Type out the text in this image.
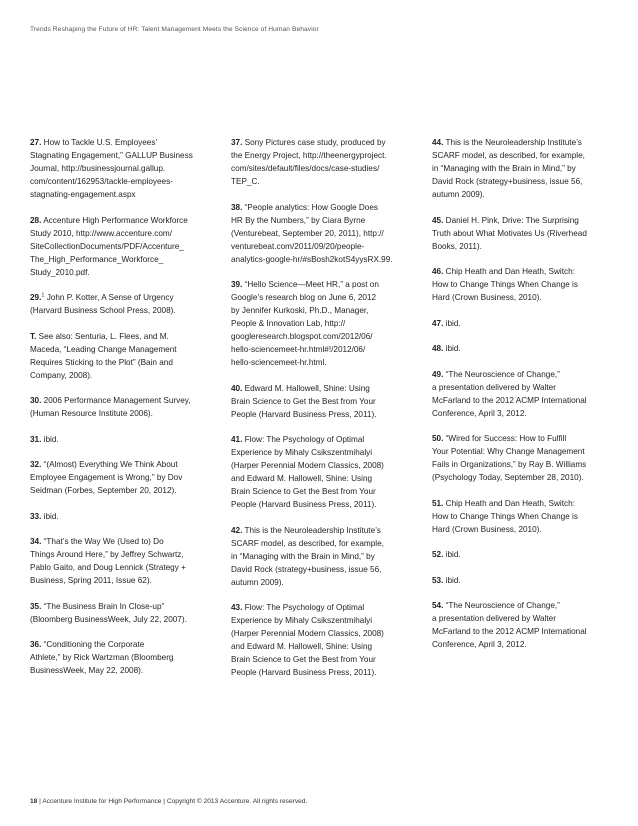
Trends Reshaping the Future of HR: Talent Management Meets the Science of Human Behavior
27. How to Tackle U.S. Employees’
Stagnating Engagement,” GALLUP Business
Journal, http://businessjournal.gallup.
com/content/162953/tackle-employees-
stagnating-engagement.aspx
28. Accenture High Performance Workforce
Study 2010, http://www.accenture.com/
SiteCollectionDocuments/PDF/Accenture_
The_High_Performance_Workforce_
Study_2010.pdf.
29.$^1$ John P. Kotter, A Sense of Urgency
(Harvard Business School Press, 2008).
T. See also: Senturia, L. Flees, and M.
Maceda, “Leading Change Management
Requires Sticking to the Plot” (Bain and
Company, 2008).
30. 2006 Performance Management Survey,
(Human Resource Institute 2006).
31. ibid.
32. “(Almost) Everything We Think About
Employee Engagement is Wrong,” by Dov
Seidman (Forbes, September 20, 2012).
33. ibid.
34. “That’s the Way We (Used to) Do
Things Around Here,” by Jeffrey Schwartz,
Pablo Gaito, and Doug Lennick (Strategy +
Business, Spring 2011, Issue 62).
35. “The Business Brain In Close-up”
(Bloomberg BusinessWeek, July 22, 2007).
36. “Conditioning the Corporate
Athlete,” by Rick Wartzman (Bloomberg
BusinessWeek, May 22, 2008).
37. Sony Pictures case study, produced by
the Energy Project, http://theenergyproject.
com/sites/default/files/docs/case-studies/
TEP_C.
38. “People analytics: How Google Does
HR By the Numbers,” by Ciara Byrne
(Venturebeat, September 20, 2011), http://
venturebeat.com/2011/09/20/people-
analytics-google-hr/#sBosh2kotS4yysRX.99.
39. “Hello Science—Meet HR,” a post on
Google’s research blog on June 6, 2012
by Jennifer Kurkoski, Ph.D., Manager,
People & Innovation Lab, http://
googleresearch.blogspot.com/2012/06/
hello-sciencemeet-hr.html#!/2012/06/
hello-sciencemeet-hr.html.
40. Edward M. Hallowell, Shine: Using
Brain Science to Get the Best from Your
People (Harvard Business Press, 2011).
41. Flow: The Psychology of Optimal
Experience by Mihaly Csikszentmihalyi
(Harper Perennial Modern Classics, 2008)
and Edward M. Hallowell, Shine: Using
Brain Science to Get the Best from Your
People (Harvard Business Press, 2011).
42. This is the Neuroleadership Institute’s
SCARF model, as described, for example,
in “Managing with the Brain in Mind,” by
David Rock (strategy+business, issue 56,
autumn 2009).
43. Flow: The Psychology of Optimal
Experience by Mihaly Csikszentmihalyi
(Harper Perennial Modern Classics, 2008)
and Edward M. Hallowell, Shine: Using
Brain Science to Get the Best from Your
People (Harvard Business Press, 2011).
44. This is the Neuroleadership Institute’s
SCARF model, as described, for example,
in “Managing with the Brain in Mind,” by
David Rock (strategy+business, issue 56,
autumn 2009).
45. Daniel H. Pink, Drive: The Surprising
Truth about What Motivates Us (Riverhead
Books, 2011).
46. Chip Heath and Dan Heath, Switch:
How to Change Things When Change is
Hard (Crown Business, 2010).
47. ibid.
48. ibid.
49. “The Neuroscience of Change,”
a presentation delivered by Walter
McFarland to the 2012 ACMP International
Conference, April 3, 2012.
50. “Wired for Success: How to Fulfill
Your Potential: Why Change Management
Fails in Organizations,” by Ray B. Williams
(Psychology Today, September 28, 2010).
51. Chip Heath and Dan Heath, Switch:
How to Change Things When Change is
Hard (Crown Business, 2010).
52. ibid.
53. ibid.
54. “The Neuroscience of Change,”
a presentation delivered by Walter
McFarland to the 2012 ACMP International
Conference, April 3, 2012.
18 | Accenture Institute for High Performance | Copyright © 2013 Accenture. All rights reserved.
